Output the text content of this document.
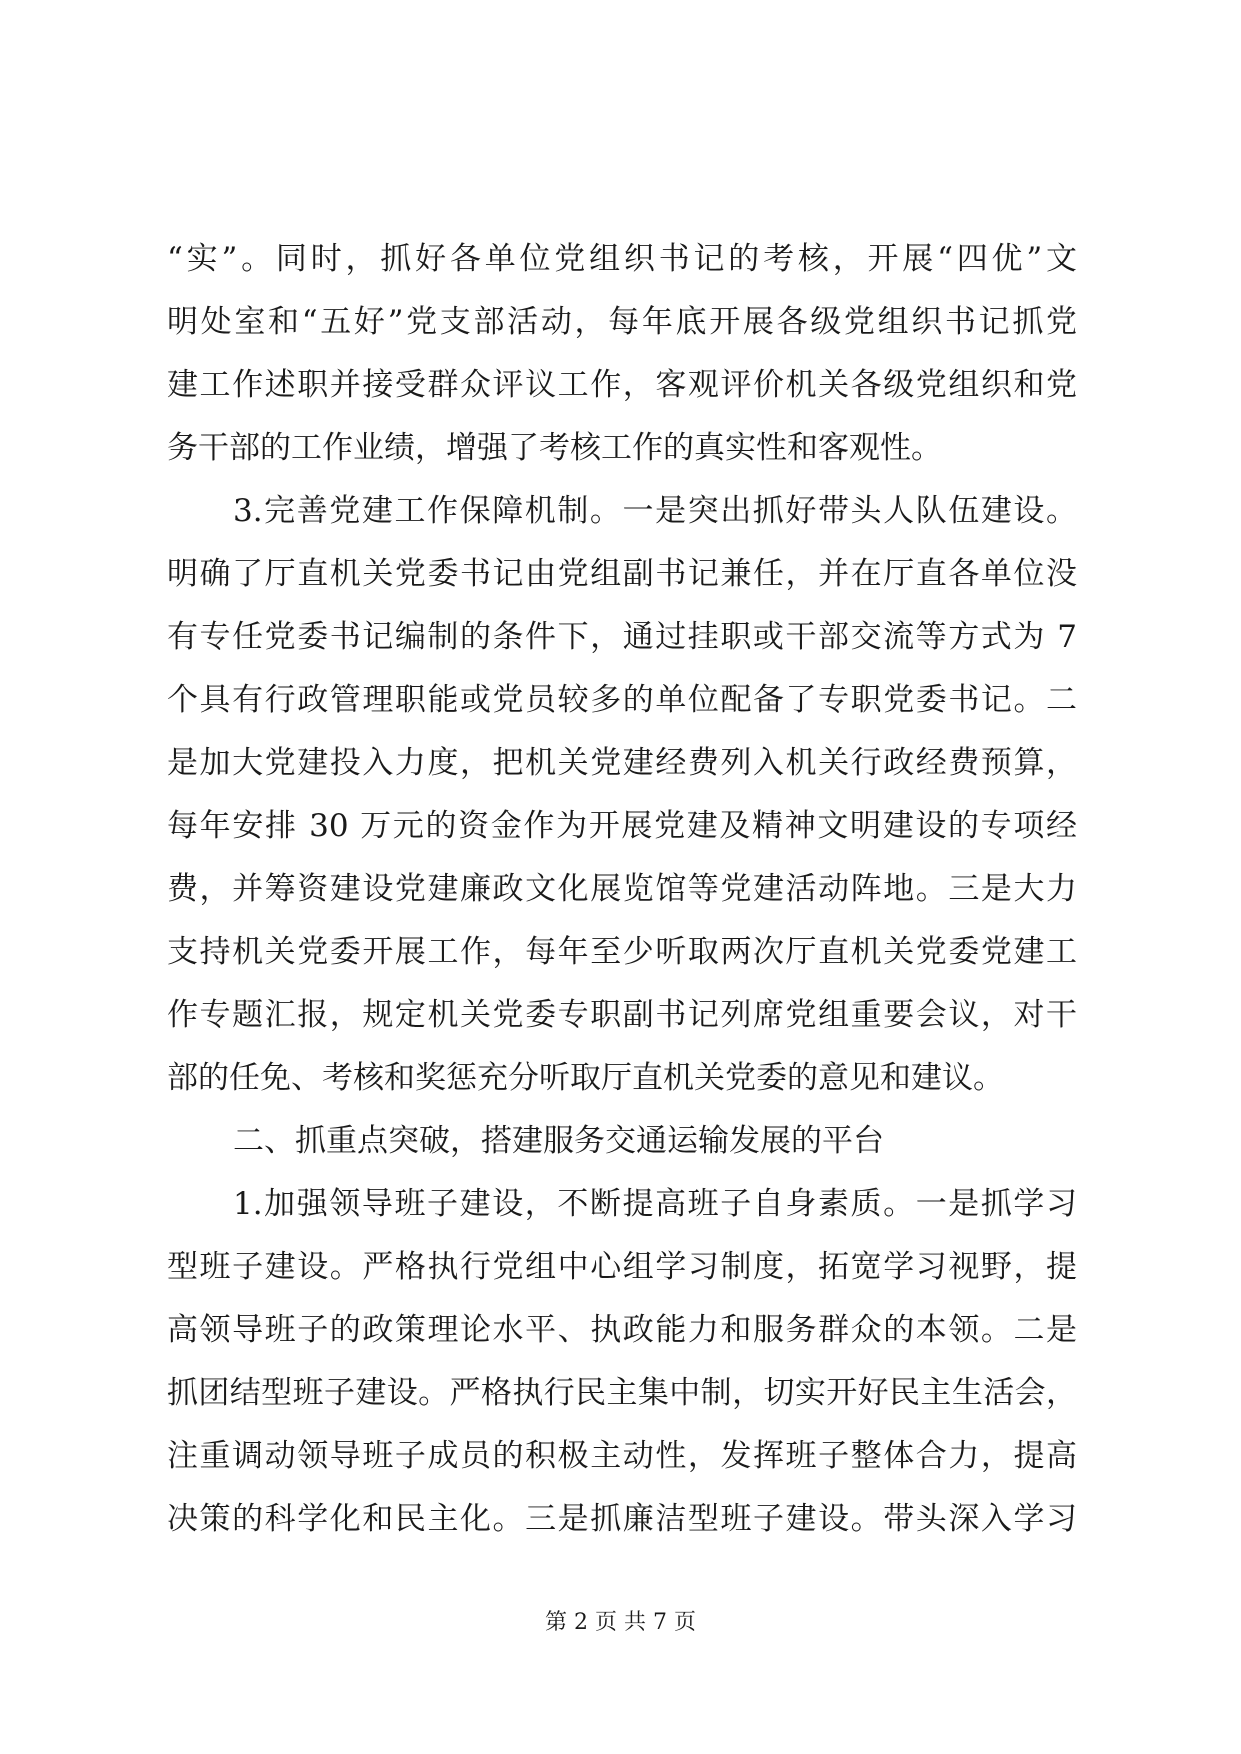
“实”。同时，抓好各单位党组织书记的考核，开展“四优”文
明处室和“五好”党支部活动，每年底开展各级党组织书记抓党
建工作述职并接受群众评议工作，客观评价机关各级党组织和党
务干部的工作业绩，增强了考核工作的真实性和客观性。
3.完善党建工作保障机制。一是突出抓好带头人队伍建设。
明确了厅直机关党委书记由党组副书记兼任，并在厅直各单位没
有专任党委书记编制的条件下，通过挂职或干部交流等方式为 7
个具有行政管理职能或党员较多的单位配备了专职党委书记。二
是加大党建投入力度，把机关党建经费列入机关行政经费预算，
每年安排 30 万元的资金作为开展党建及精神文明建设的专项经
费，并筹资建设党建廉政文化展览馆等党建活动阵地。三是大力
支持机关党委开展工作，每年至少听取两次厅直机关党委党建工
作专题汇报，规定机关党委专职副书记列席党组重要会议，对干
部的任免、考核和奖惩充分听取厅直机关党委的意见和建议。
二、抓重点突破，搭建服务交通运输发展的平台
1.加强领导班子建设，不断提高班子自身素质。一是抓学习
型班子建设。严格执行党组中心组学习制度，拓宽学习视野，提
高领导班子的政策理论水平、执政能力和服务群众的本领。二是
抓团结型班子建设。严格执行民主集中制，切实开好民主生活会，
注重调动领导班子成员的积极主动性，发挥班子整体合力，提高
决策的科学化和民主化。三是抓廉洁型班子建设。带头深入学习
第 2 页 共 7 页
